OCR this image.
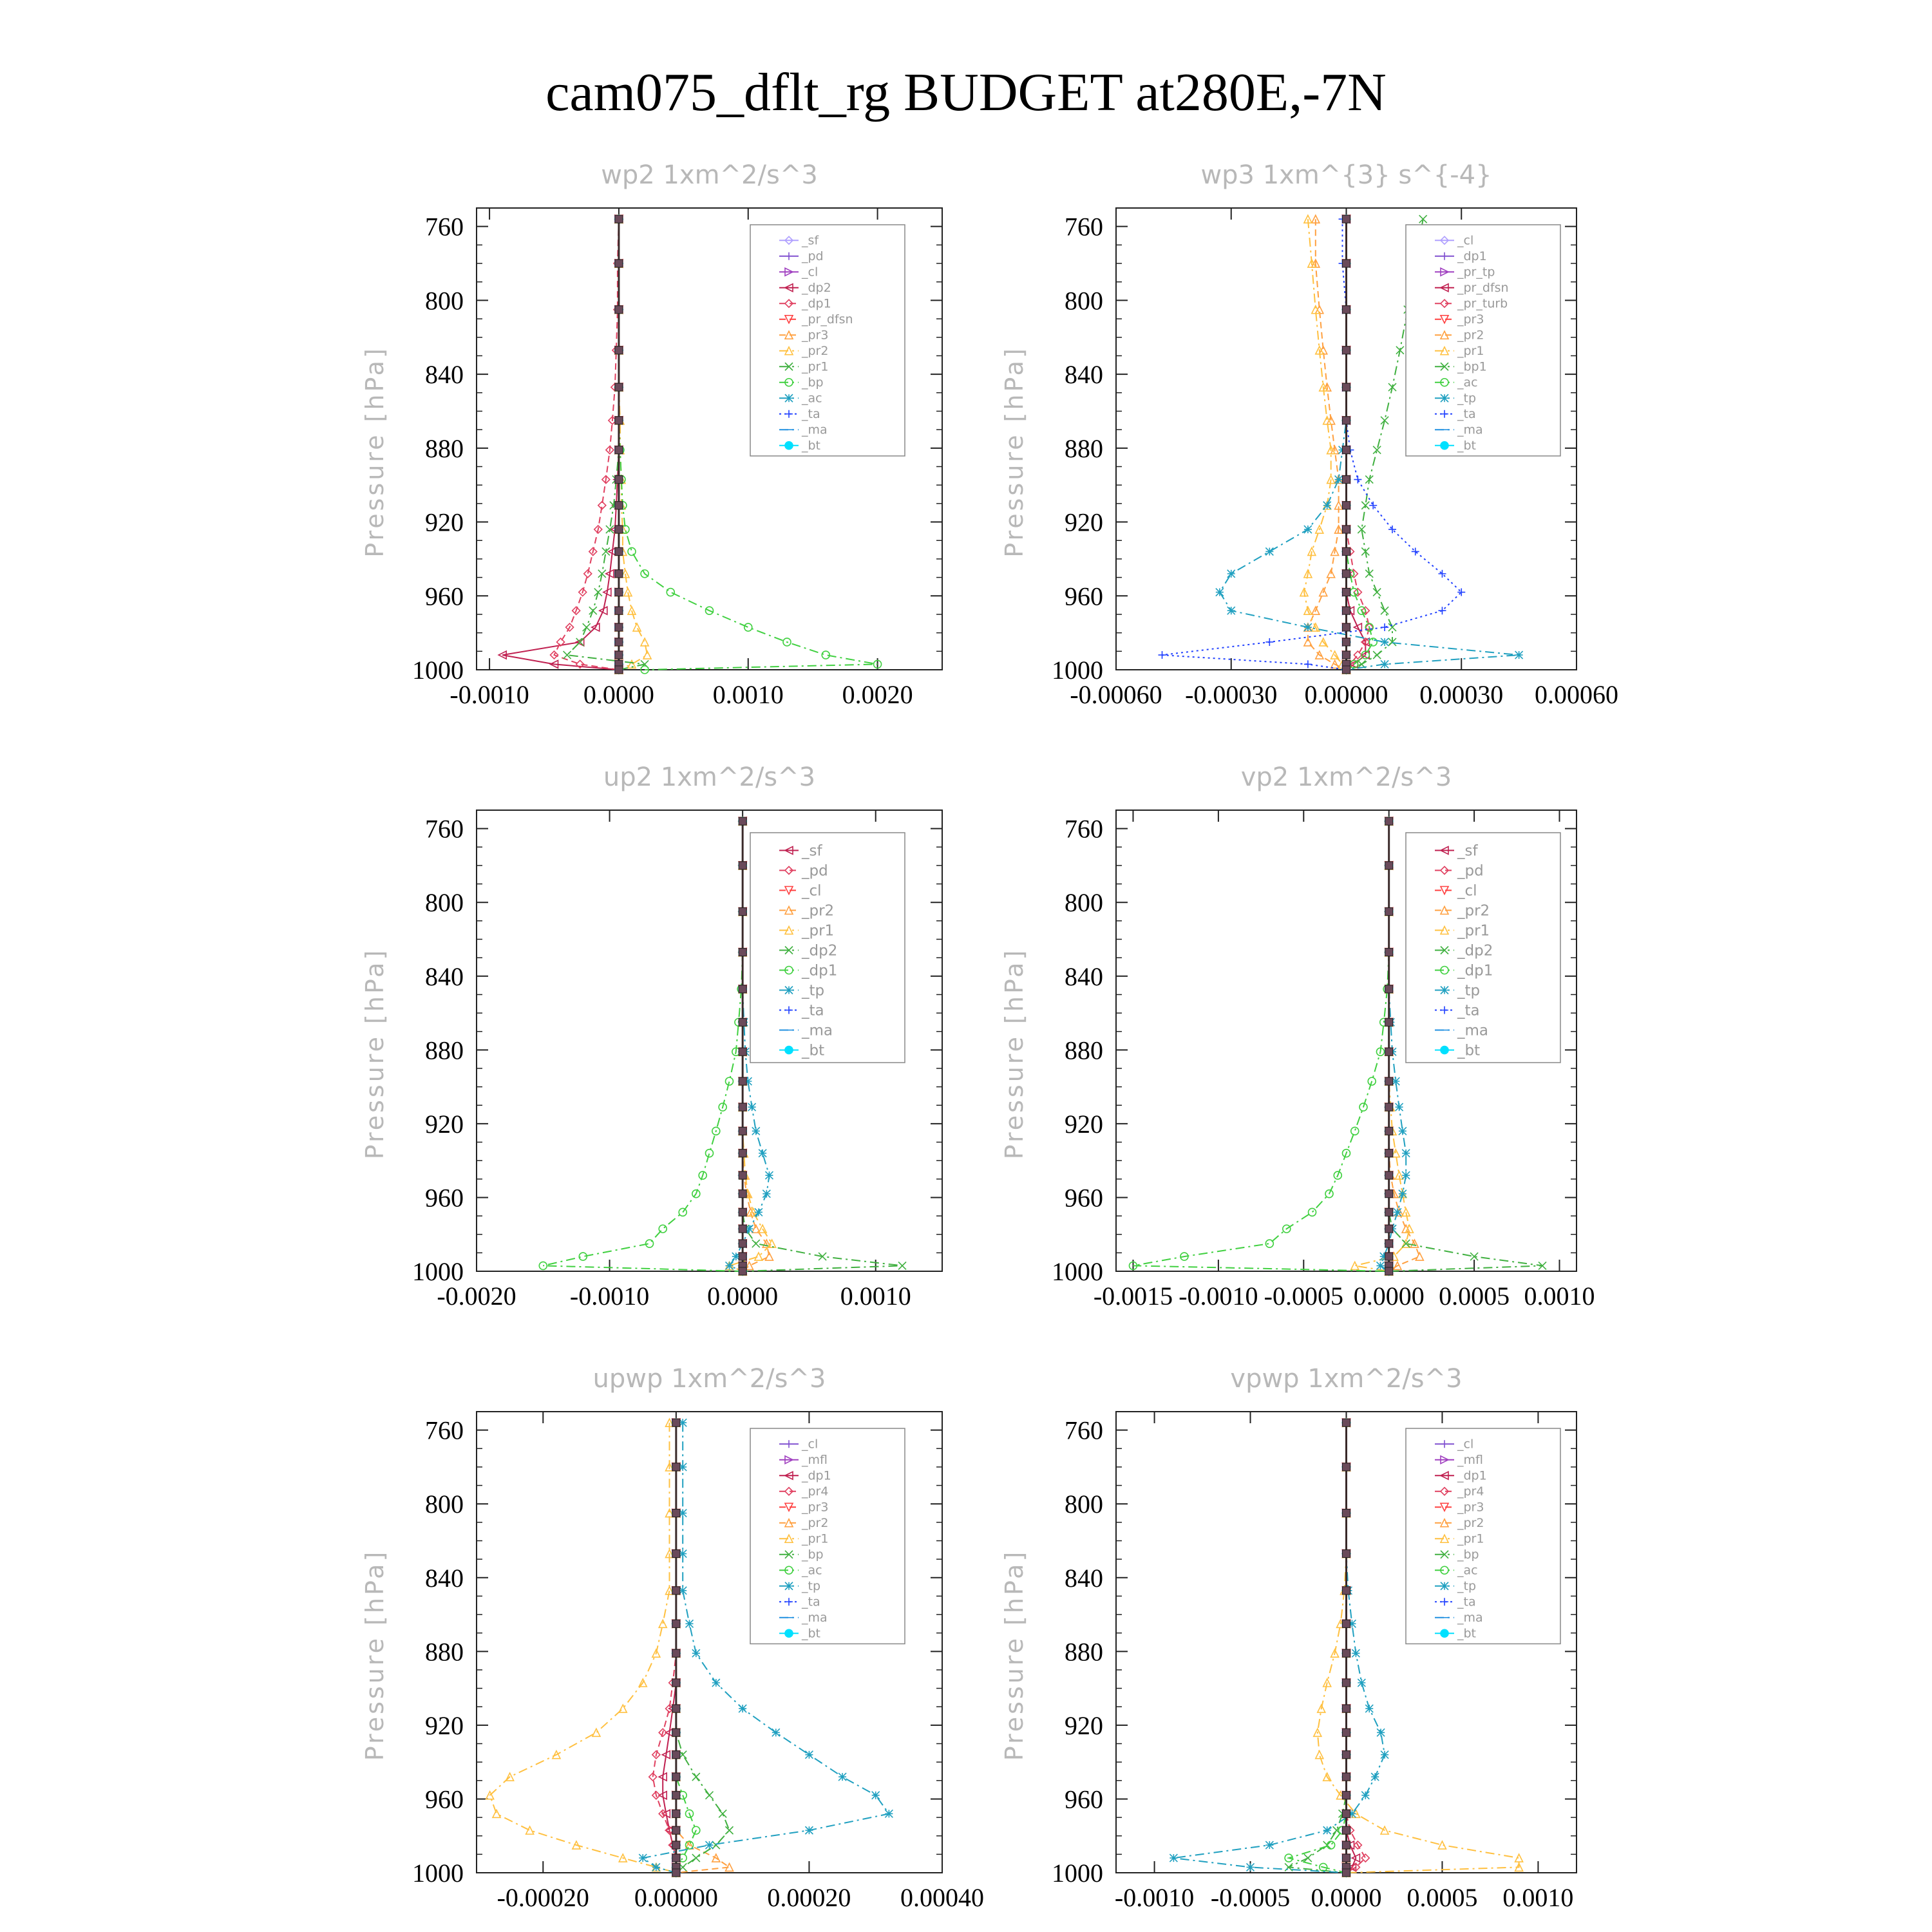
cam075_dflt_rg BUDGET at280E,-7N
wp2 1xm^2/s^3
Pressure [hPa]
760
800
840
880
920
960
1000
-0.0010 0.0000 0.0010 0.0020
_sf
_pd
_cl
_dp2
_dp1
_pr_dfsn
_pr3
_pr2
_pr1
_bp
_ac
_ta
_ma
_bt
wp3 1xm^{3} s^{-4}
Pressure [hPa]
760
800
840
880
920
960
1000
-0.00060 -0.00030 0.00000 0.00030 0.00060
_cl
_dp1
_pr_tp
_pr_dfsn
_pr_turb
_pr3
_pr2
_pr1
_bp1
_ac
_tp
_ta
_ma
_bt
up2 1xm^2/s^3
Pressure [hPa]
760
800
840
880
920
960
1000
-0.0020 -0.0010 0.0000 0.0010
_sf
_pd
_cl
_pr2
_pr1
_dp2
_dp1
_tp
_ta
_ma
_bt
vp2 1xm^2/s^3
Pressure [hPa]
760
800
840
880
920
960
1000
-0.0015 -0.0010 -0.0005 0.0000 0.0005 0.0010
_sf
_pd
_cl
_pr2
_pr1
_dp2
_dp1
_tp
_ta
_ma
_bt
upwp 1xm^2/s^3
Pressure [hPa]
760
800
840
880
920
960
1000
-0.00020 0.00000 0.00020 0.00040
_cl
_mfl
_dp1
_pr4
_pr3
_pr2
_pr1
_bp
_ac
_tp
_ta
_ma
_bt
vpwp 1xm^2/s^3
Pressure [hPa]
760
800
840
880
920
960
1000
-0.0010 -0.0005 0.0000 0.0005 0.0010
_cl
_mfl
_dp1
_pr4
_pr3
_pr2
_pr1
_bp
_ac
_tp
_ta
_ma
_bt
